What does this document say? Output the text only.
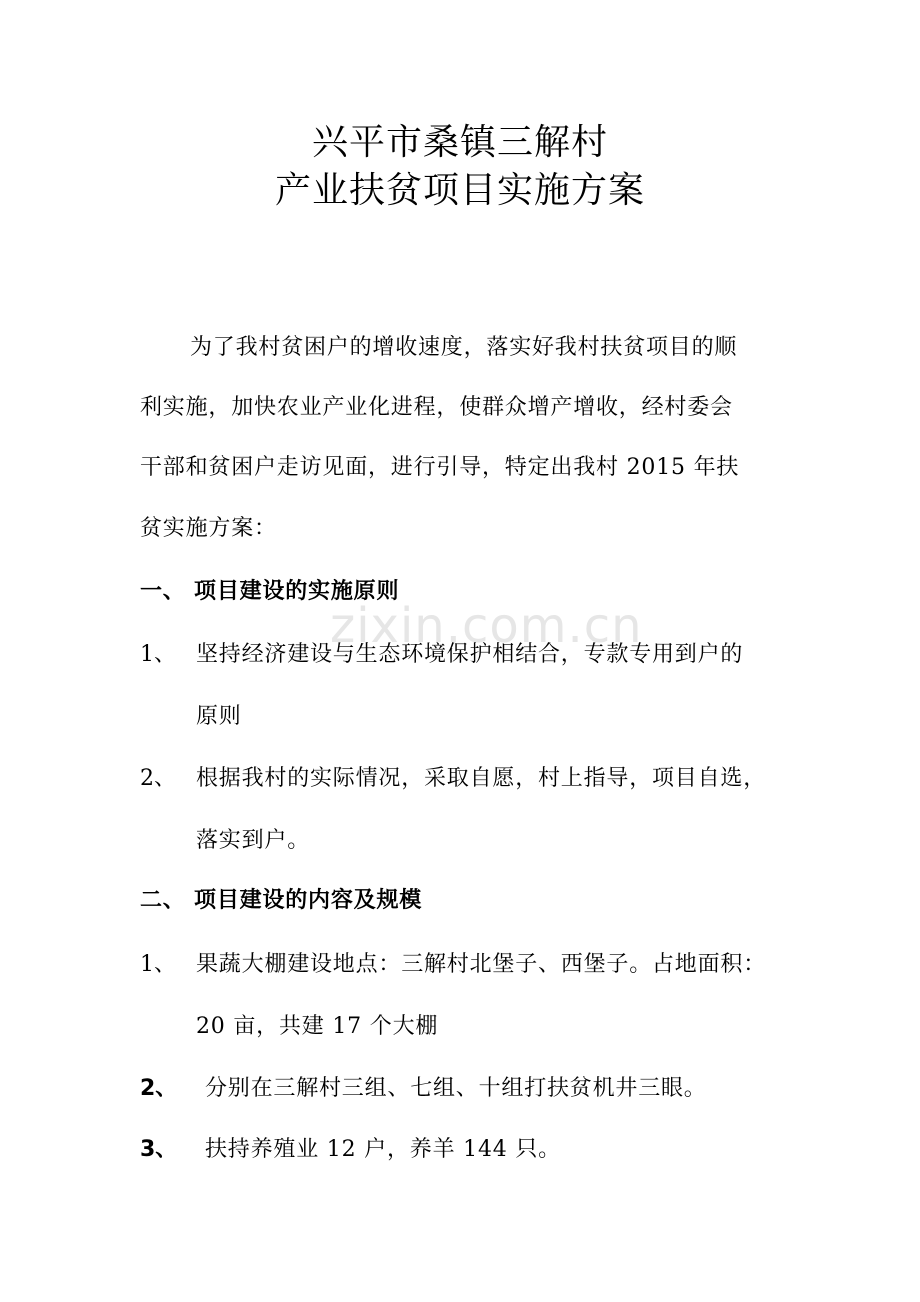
zixin.com.cn
兴平市桑镇三解村
产业扶贫项目实施方案
为了我村贫困户的增收速度，落实好我村扶贫项目的顺
利实施，加快农业产业化进程，使群众增产增收，经村委会
干部和贫困户走访见面，进行引导，特定出我村 2015 年扶
贫实施方案：
一、 项目建设的实施原则
1、 坚持经济建设与生态环境保护相结合，专款专用到户的
原则
2、 根据我村的实际情况，采取自愿，村上指导，项目自选，
落实到户。
二、 项目建设的内容及规模
1、 果蔬大棚建设地点：三解村北堡子、西堡子。占地面积：
20 亩，共建 17 个大棚
2、 分别在三解村三组、七组、十组打扶贫机井三眼。
3、 扶持养殖业 12 户，养羊 144 只。
